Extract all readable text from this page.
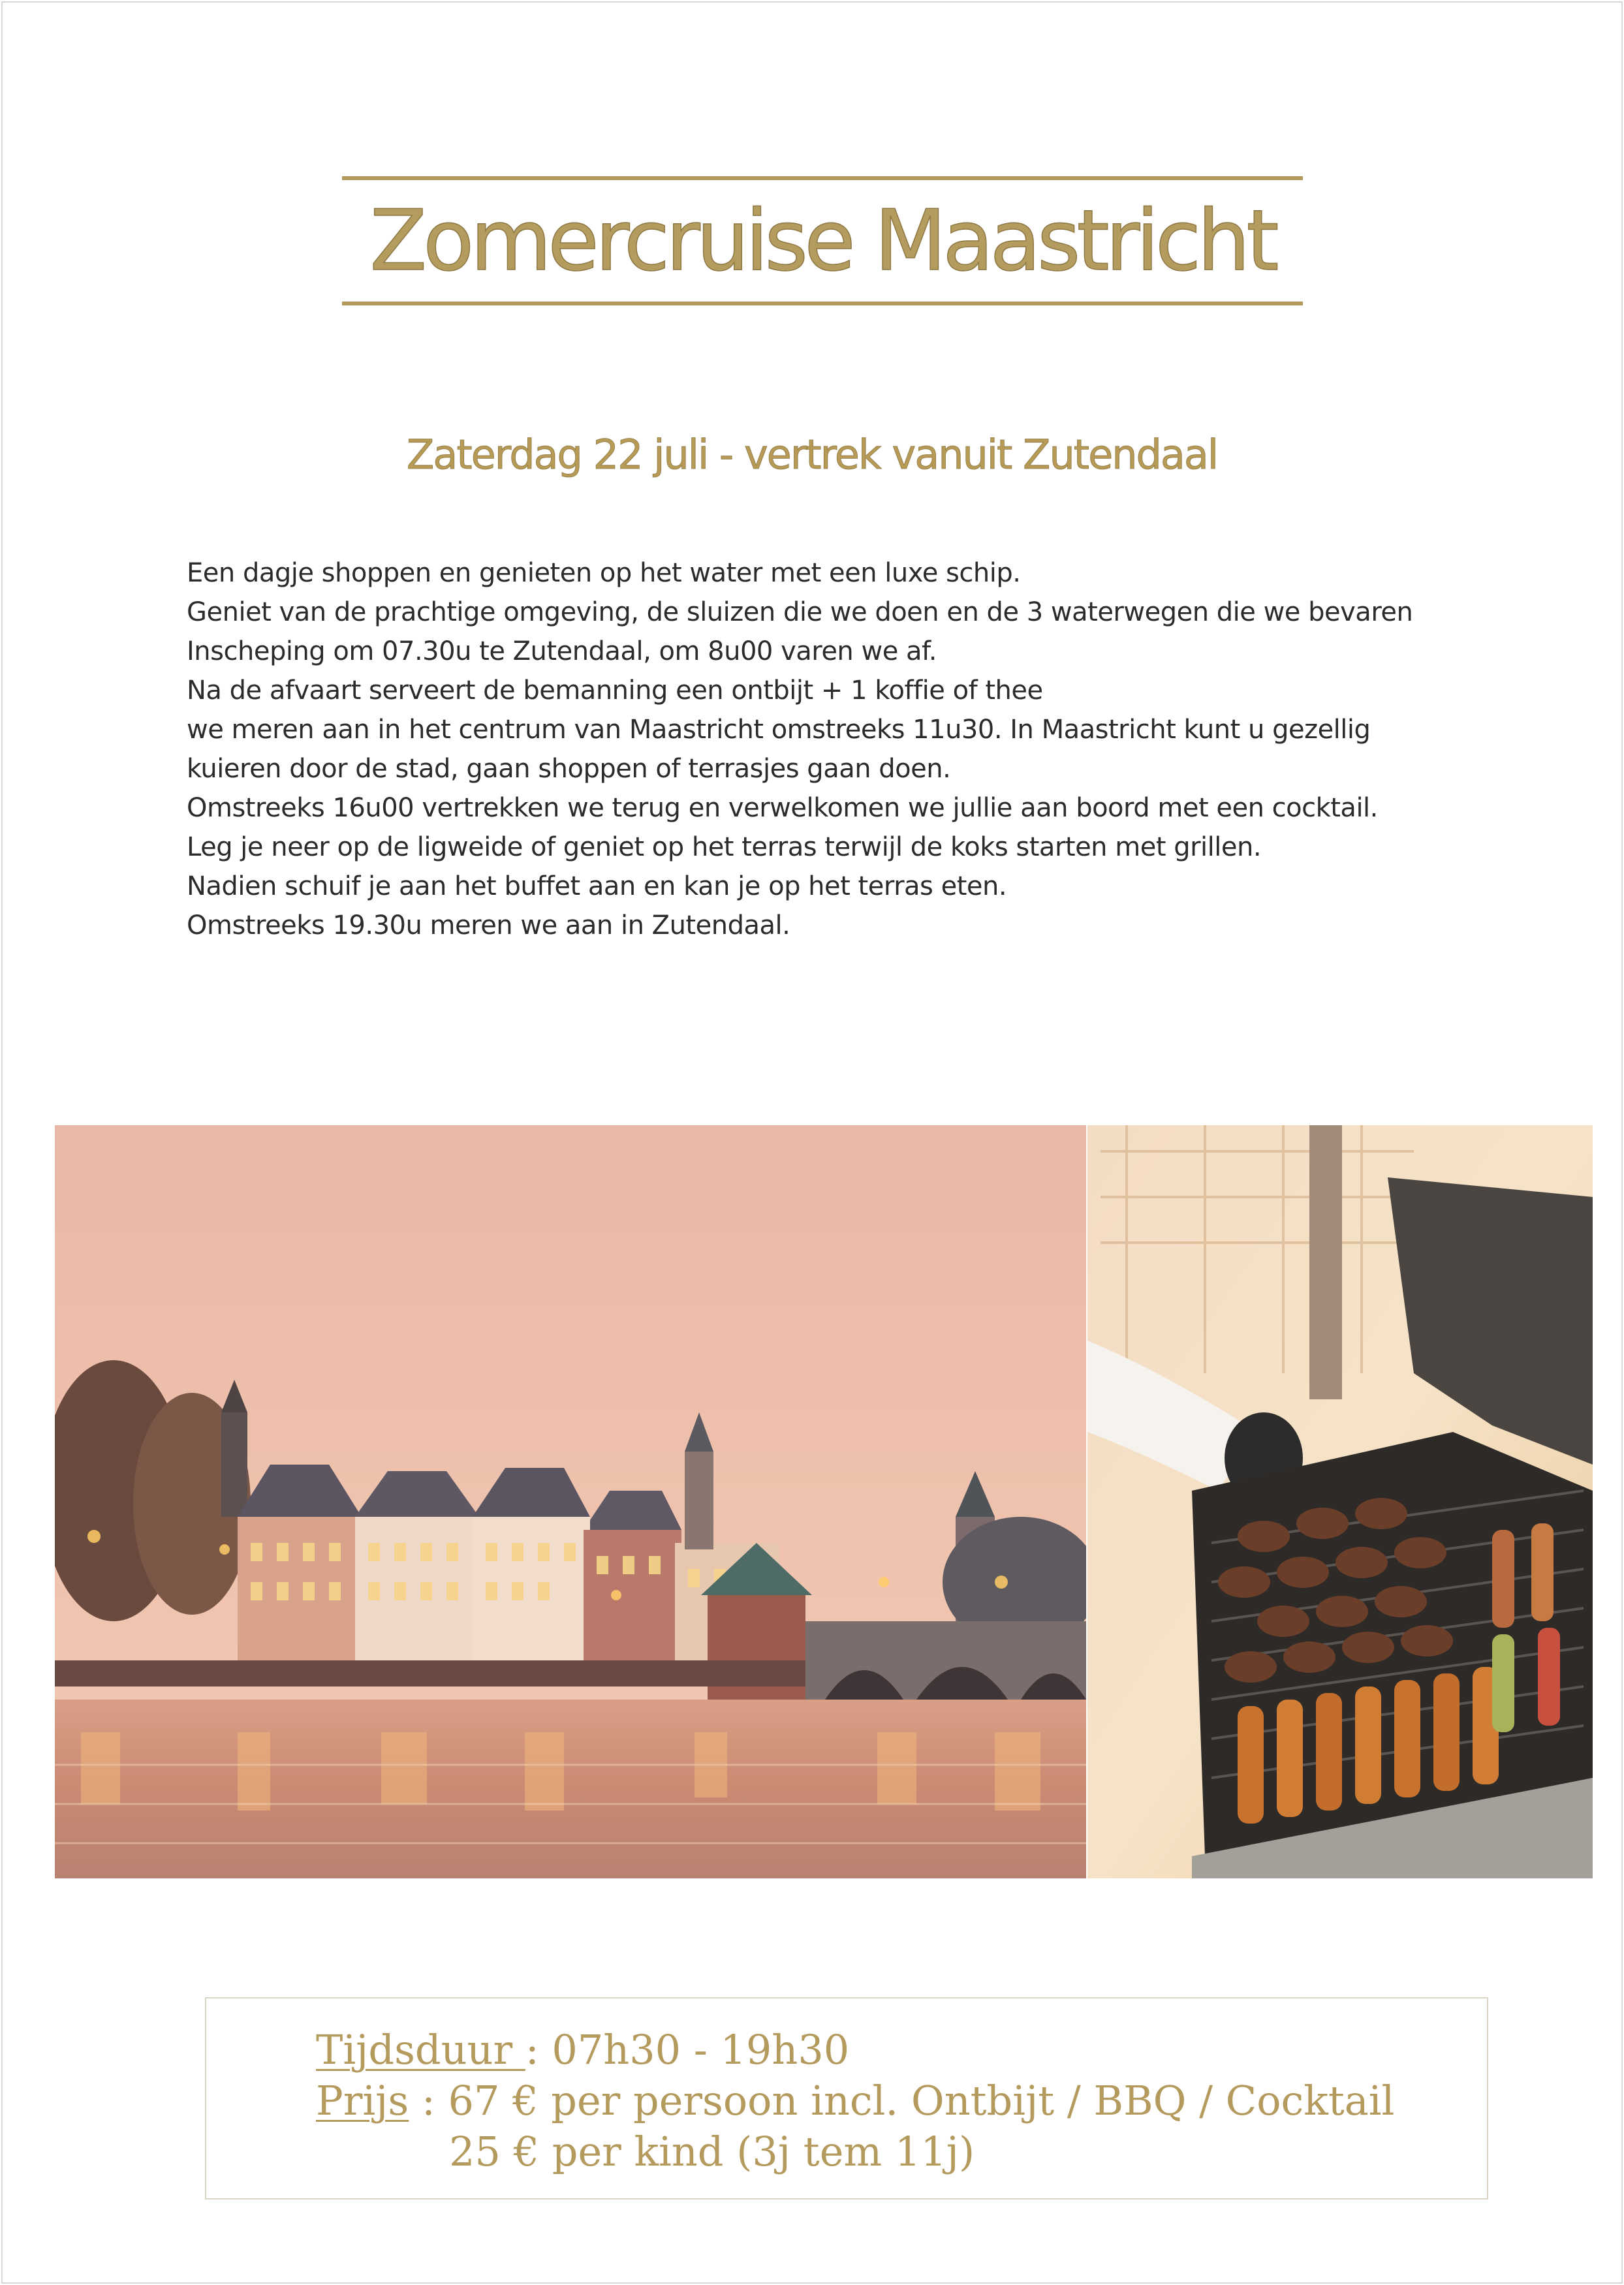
Zomercruise Maastricht
Zaterdag 22 juli - vertrek vanuit Zutendaal
Een dagje shoppen en genieten op het water met een luxe schip.
Geniet van de prachtige omgeving, de sluizen die we doen en de 3 waterwegen die we bevaren
Inscheping om 07.30u te Zutendaal, om 8u00 varen we af.
Na de afvaart serveert de bemanning een ontbijt + 1 koffie of thee
we meren aan in het centrum van Maastricht omstreeks 11u30. In Maastricht kunt u gezellig
kuieren door de stad, gaan shoppen of terrasjes gaan doen.
Omstreeks 16u00 vertrekken we terug en verwelkomen we jullie aan boord met een cocktail.
Leg je neer op de ligweide of geniet op het terras terwijl de koks starten met grillen.
Nadien schuif je aan het buffet aan en kan je op het terras eten.
Omstreeks 19.30u meren we aan in Zutendaal.
Tijdsduur : 07h30 - 19h30
Prijs : 67 € per persoon incl. Ontbijt / BBQ / Cocktail
25 € per kind (3j tem 11j)
